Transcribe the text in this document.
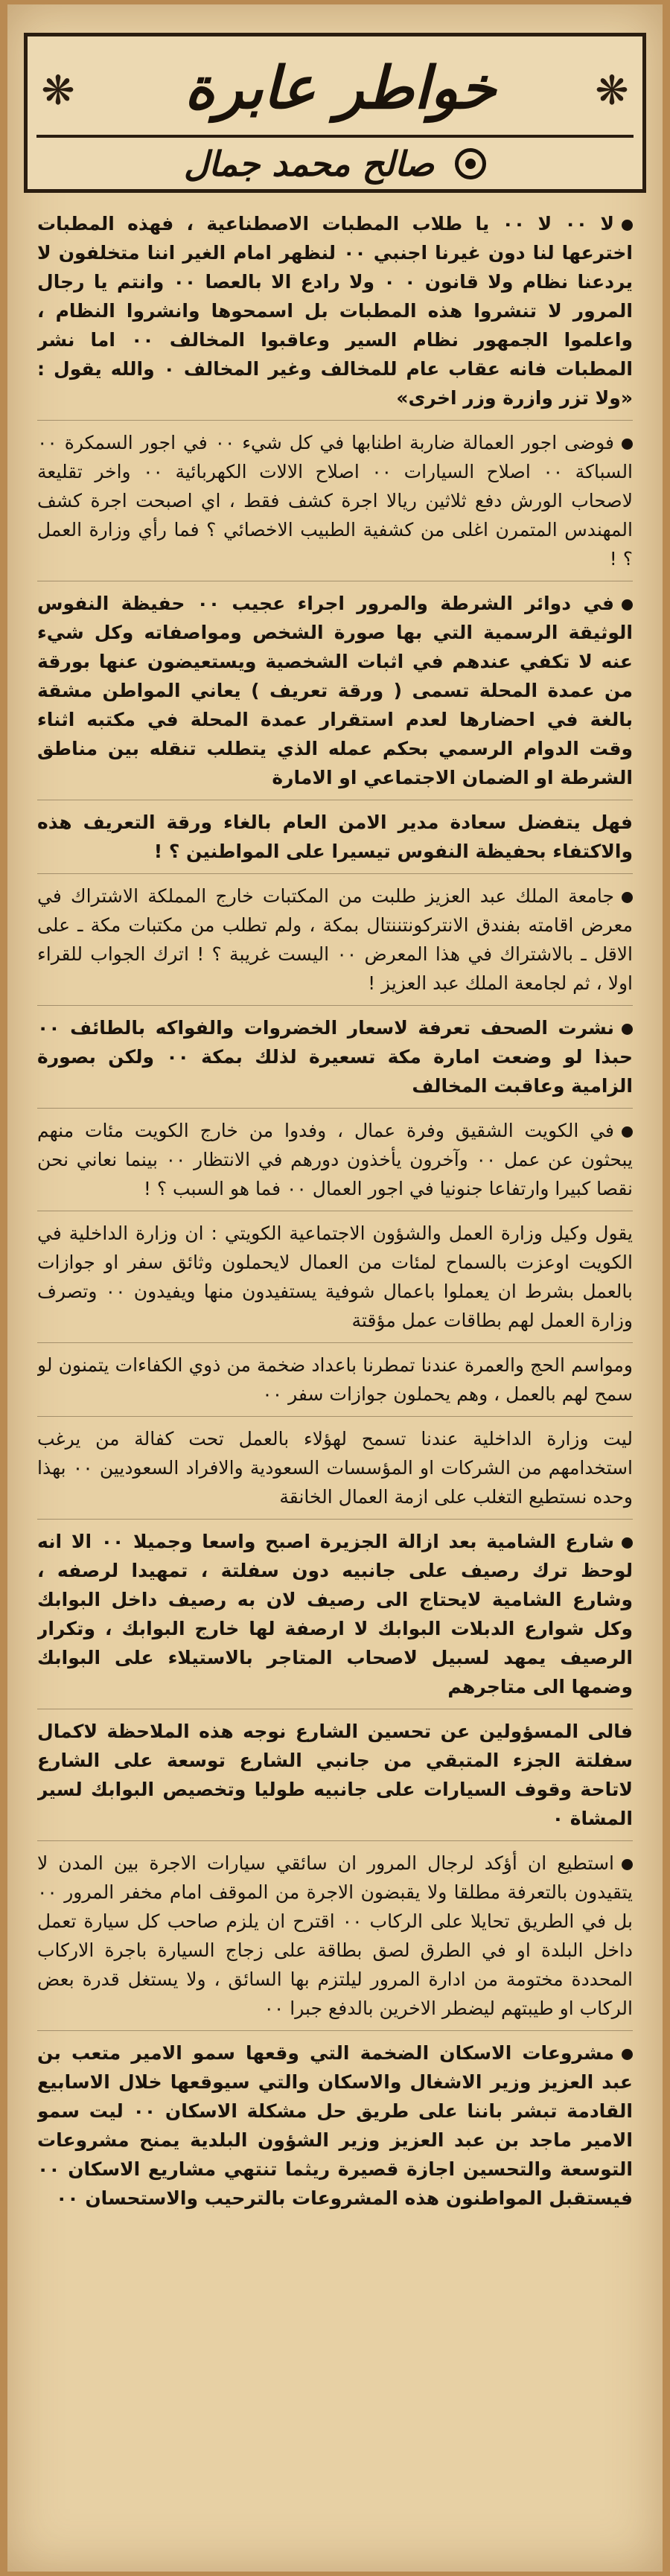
❋
❋ خواطر عابرة
صالح محمد جمال

لا ٠٠ لا ٠٠ يا طلاب المطبات الاصطناعية ، فهذه المطبات اخترعها لنا دون غيرنا اجنبي ٠٠ لنظهر امام الغير اننا متخلفون لا يردعنا نظام ولا قانون ٠ ٠ ولا رادع الا بالعصا ٠٠ وانتم يا رجال المرور لا تنشروا هذه المطبات بل اسمحوها وانشروا النظام ، واعلموا الجمهور نظام السير وعاقبوا المخالف ٠٠ اما نشر المطبات فانه عقاب عام للمخالف وغير المخالف ٠ والله يقول : «ولا تزر وازرة وزر اخرى»

فوضى اجور العمالة ضاربة اطنابها في كل شيء ٠٠ في اجور السمكرة ٠٠ السباكة ٠٠ اصلاح السيارات ٠٠ اصلاح الالات الكهربائية ٠٠ واخر تقليعة لاصحاب الورش دفع ثلاثين ريالا اجرة كشف فقط ، اي اصبحت اجرة كشف المهندس المتمرن اغلى من كشفية الطبيب الاخصائي ؟ فما رأي وزارة العمل ؟ !

في دوائر الشرطة والمرور اجراء عجيب ٠٠ حفيظة النفوس الوثيقة الرسمية التي بها صورة الشخص ومواصفاته وكل شيء عنه لا تكفي عندهم في اثبات الشخصية ويستعيضون عنها بورقة من عمدة المحلة تسمى ( ورقة تعريف ) يعاني المواطن مشقة بالغة في احضارها لعدم استقرار عمدة المحلة في مكتبه اثناء وقت الدوام الرسمي بحكم عمله الذي يتطلب تنقله بين مناطق الشرطة او الضمان الاجتماعي او الامارة

فهل يتفضل سعادة مدير الامن العام بالغاء ورقة التعريف هذه والاكتفاء بحفيظة النفوس تيسيرا على المواطنين ؟ !

جامعة الملك عبد العزيز طلبت من المكتبات خارج المملكة الاشتراك في معرض اقامته بفندق الانتركونتننتال بمكة ، ولم تطلب من مكتبات مكة ـ على الاقل ـ بالاشتراك في هذا المعرض ٠٠ اليست غريبة ؟ ! اترك الجواب للقراء اولا ، ثم لجامعة الملك عبد العزيز !

نشرت الصحف تعرفة لاسعار الخضروات والفواكه بالطائف ٠٠ حبذا لو وضعت امارة مكة تسعيرة لذلك بمكة ٠٠ ولكن بصورة الزامية وعاقبت المخالف

في الكويت الشقيق وفرة عمال ، وفدوا من خارج الكويت مئات منهم يبحثون عن عمل ٠٠ وآخرون يأخذون دورهم في الانتظار ٠٠ بينما نعاني نحن نقصا كبيرا وارتفاعا جنونيا في اجور العمال ٠٠ فما هو السبب ؟ !

يقول وكيل وزارة العمل والشؤون الاجتماعية الكويتي : ان وزارة الداخلية في الكويت اوعزت بالسماح لمئات من العمال لايحملون وثائق سفر او جوازات بالعمل بشرط ان يعملوا باعمال شوفية يستفيدون منها ويفيدون ٠٠ وتصرف وزارة العمل لهم بطاقات عمل مؤقتة

ومواسم الحج والعمرة عندنا تمطرنا باعداد ضخمة من ذوي الكفاءات يتمنون لو سمح لهم بالعمل ، وهم يحملون جوازات سفر ٠٠

ليت وزارة الداخلية عندنا تسمح لهؤلاء بالعمل تحت كفالة من يرغب استخدامهم من الشركات او المؤسسات السعودية والافراد السعوديين ٠٠ بهذا وحده نستطيع التغلب على ازمة العمال الخانقة

شارع الشامية بعد ازالة الجزيرة اصبح واسعا وجميلا ٠٠ الا انه لوحظ ترك رصيف على جانبيه دون سفلتة ، تمهيدا لرصفه ، وشارع الشامية لايحتاج الى رصيف لان به رصيف داخل البوابك وكل شوارع الدبلات البوابك لا ارصفة لها خارج البوابك ، وتكرار الرصيف يمهد لسبيل لاصحاب المتاجر بالاستيلاء على البوابك وضمها الى متاجرهم

فالى المسؤولين عن تحسين الشارع نوجه هذه الملاحظة لاكمال سفلتة الجزء المتبقي من جانبي الشارع توسعة على الشارع لاتاحة وقوف السيارات على جانبيه طوليا وتخصيص البوابك لسير المشاة ٠

استطيع ان أؤكد لرجال المرور ان سائقي سيارات الاجرة بين المدن لا يتقيدون بالتعرفة مطلقا ولا يقبضون الاجرة من الموقف امام مخفر المرور ٠٠ بل في الطريق تحايلا على الركاب ٠٠ اقترح ان يلزم صاحب كل سيارة تعمل داخل البلدة او في الطرق لصق بطاقة على زجاج السيارة باجرة الاركاب المحددة مختومة من ادارة المرور ليلتزم بها السائق ، ولا يستغل قدرة بعض الركاب او طيبتهم ليضطر الاخرين بالدفع جبرا ٠٠

مشروعات الاسكان الضخمة التي وقعها سمو الامير متعب بن عبد العزيز وزير الاشغال والاسكان والتي سيوقعها خلال الاسابيع القادمة تبشر باننا على طريق حل مشكلة الاسكان ٠٠ ليت سمو الامير ماجد بن عبد العزيز وزير الشؤون البلدية يمنح مشروعات التوسعة والتحسين اجازة قصيرة ريثما تنتهي مشاريع الاسكان ٠٠ فيستقبل المواطنون هذه المشروعات بالترحيب والاستحسان ٠٠
